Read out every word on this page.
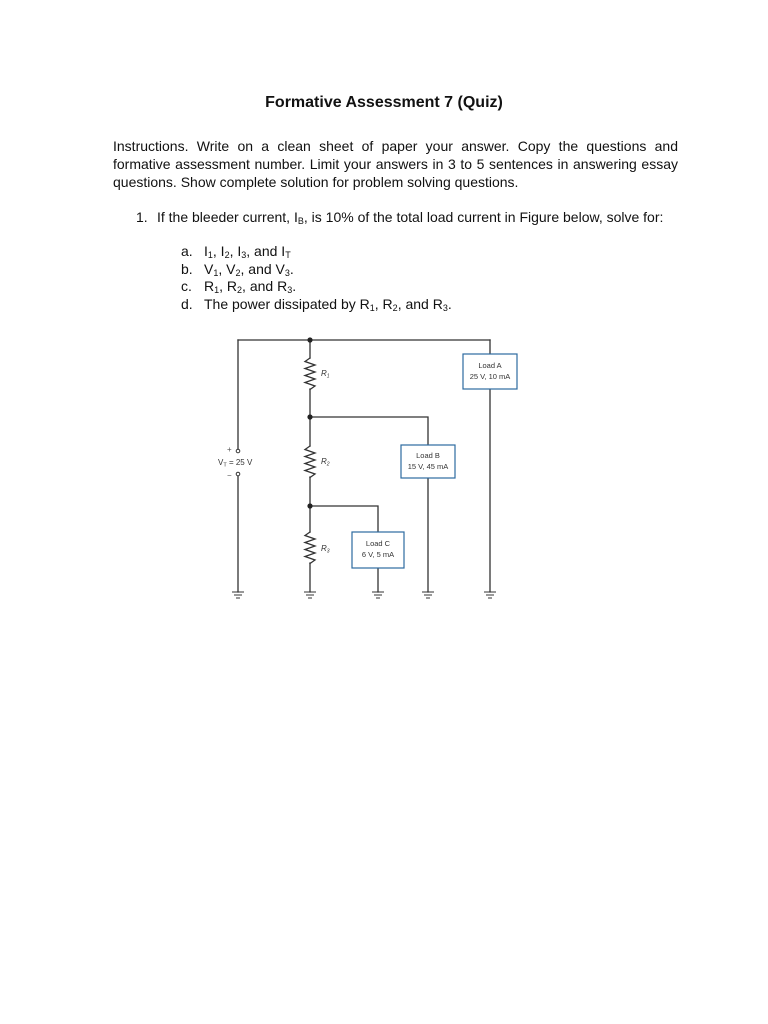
Formative Assessment 7 (Quiz)
Instructions. Write on a clean sheet of paper your answer. Copy the questions and formative assessment number. Limit your answers in 3 to 5 sentences in answering essay questions. Show complete solution for problem solving questions.
1. If the bleeder current, $I_B$, is 10% of the total load current in Figure below, solve for:
a. $I_1$, $I_2$, $I_3$, and $I_T$
b. $V_1$, $V_2$, and $V_3$.
c. $R_1$, $R_2$, and $R_3$.
d. The power dissipated by $R_1$, $R_2$, and $R_3$.
+
−
VT = 25 V
R1
R2
R3
Load A
25 V, 10 mA
Load B
15 V, 45 mA
Load C
6 V, 5 mA
